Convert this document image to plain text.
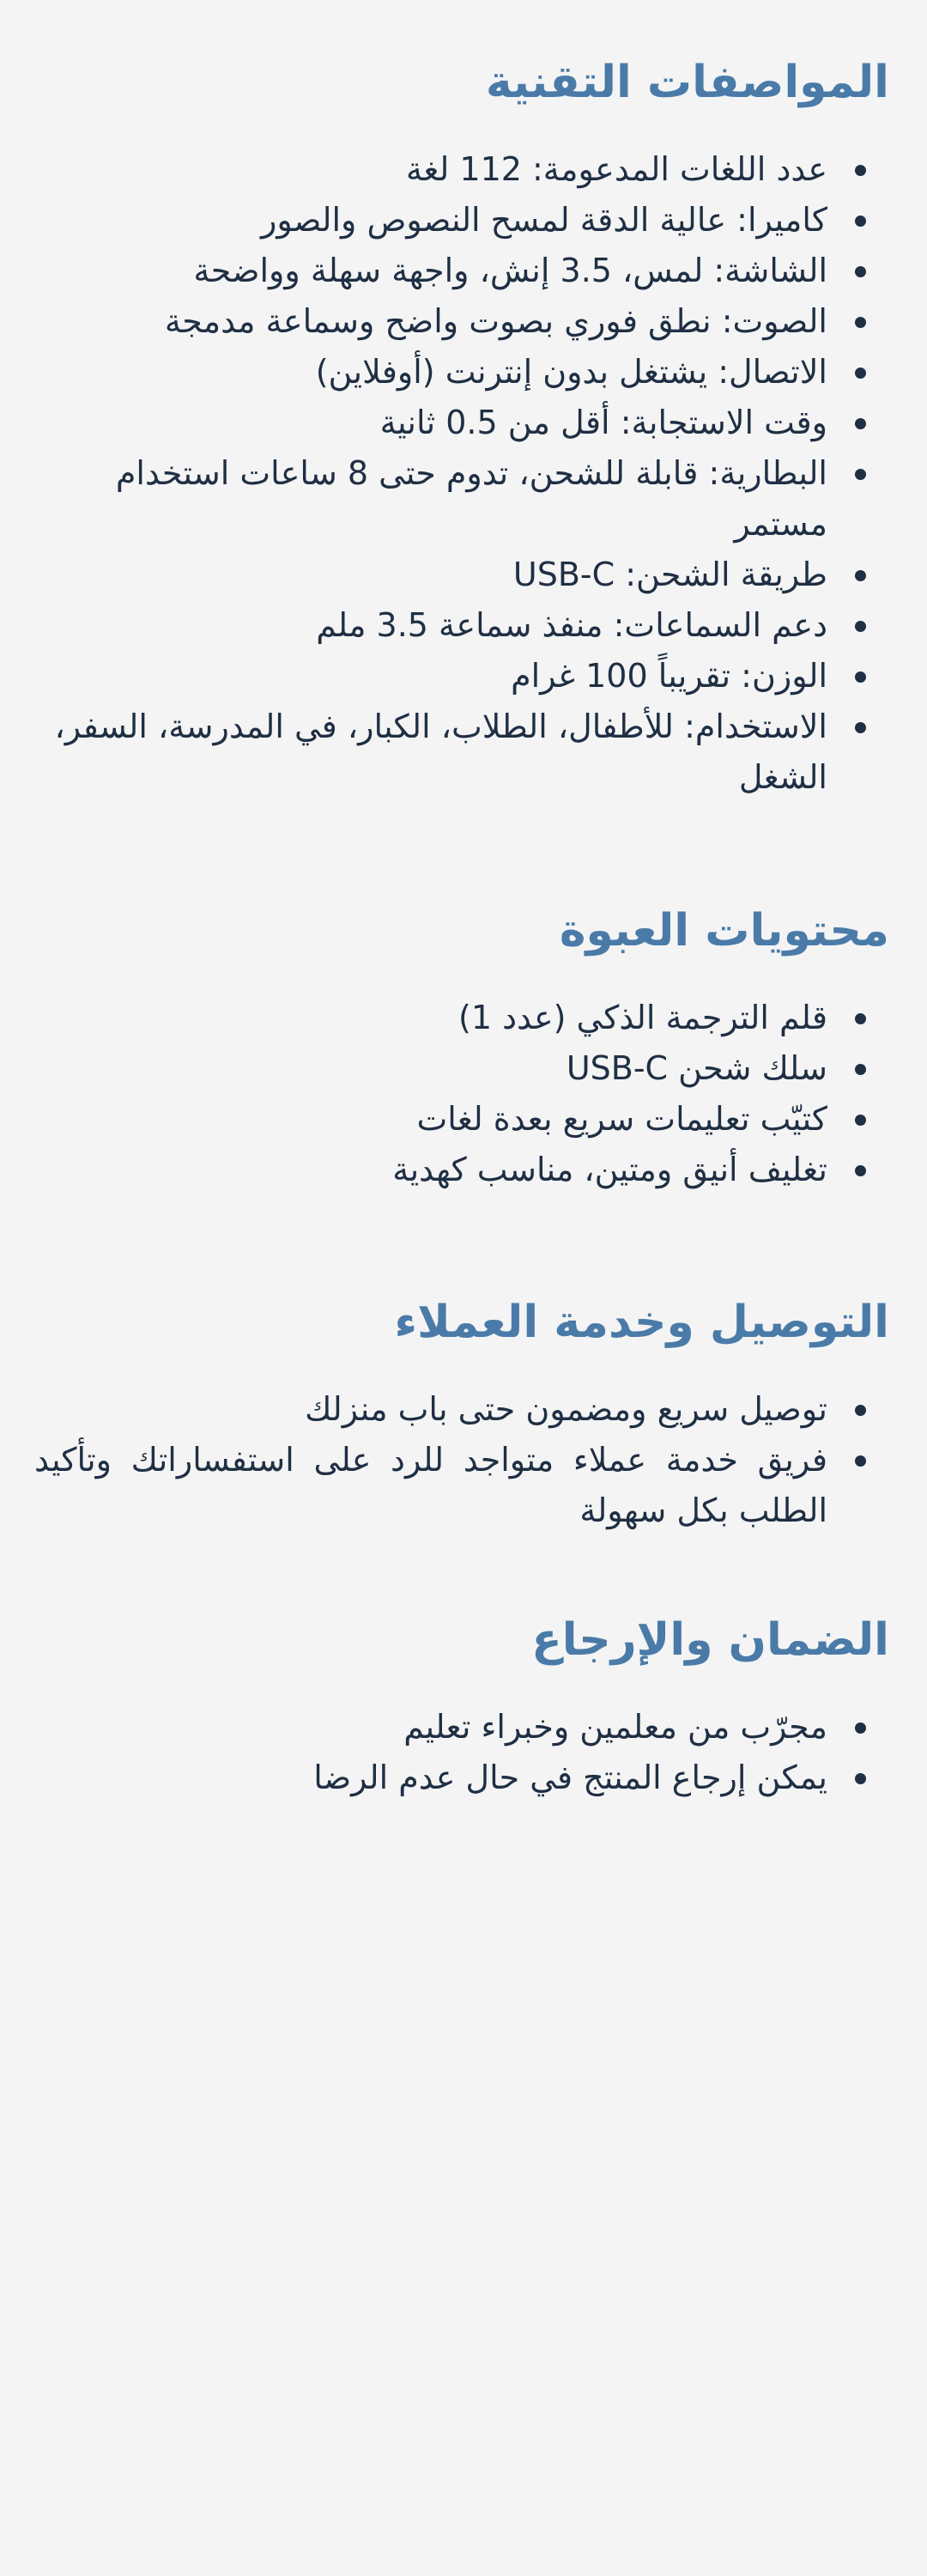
المواصفات التقنية
عدد اللغات المدعومة: 112 لغة
كاميرا: عالية الدقة لمسح النصوص والصور
الشاشة: لمس، 3.5 إنش، واجهة سهلة وواضحة
الصوت: نطق فوري بصوت واضح وسماعة مدمجة
الاتصال: يشتغل بدون إنترنت (أوفلاين)
وقت الاستجابة: أقل من 0.5 ثانية
البطارية: قابلة للشحن، تدوم حتى 8 ساعات استخدام مستمر
طريقة الشحن: USB-C
دعم السماعات: منفذ سماعة 3.5 ملم
الوزن: تقريباً 100 غرام
الاستخدام: للأطفال، الطلاب، الكبار، في المدرسة، السفر، الشغل
محتويات العبوة
قلم الترجمة الذكي (عدد 1)
سلك شحن USB-C
كتيّب تعليمات سريع بعدة لغات
تغليف أنيق ومتين، مناسب كهدية
التوصيل وخدمة العملاء
توصيل سريع ومضمون حتى باب منزلك
فريق خدمة عملاء متواجد للرد على استفساراتك وتأكيد الطلب بكل سهولة
الضمان والإرجاع
مجرّب من معلمين وخبراء تعليم
يمكن إرجاع المنتج في حال عدم الرضا
